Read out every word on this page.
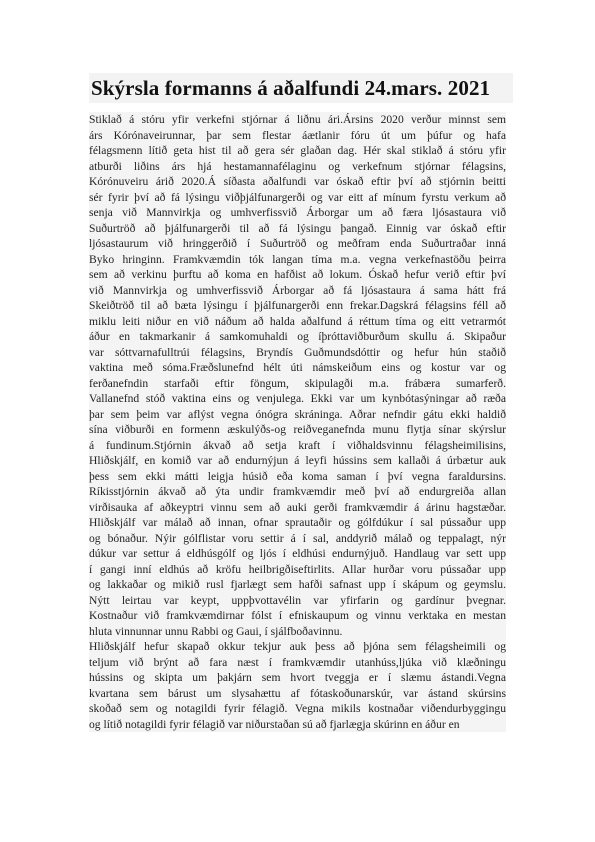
Skýrsla formanns á aðalfundi 24.mars. 2021

Stiklað á stóru yfir verkefni stjórnar á liðnu ári.Ársins 2020 verður minnst sem
árs Kórónaveirunnar, þar sem flestar áætlanir fóru út um þúfur og hafa
félagsmenn lítið geta hist til að gera sér glaðan dag. Hér skal stiklað á stóru yfir
atburði liðins árs hjá hestamannafélaginu og verkefnum stjórnar félagsins,
Kórónuveiru árið 2020.Á síðasta aðalfundi var óskað eftir því að stjórnin beitti
sér fyrir því að fá lýsingu viðþjálfunargerði og var eitt af mínum fyrstu verkum að
senja við Mannvirkja og umhverfissvið Árborgar um að færa ljósastaura við
Suðurtröð að þjálfunargerði til að fá lýsingu þangað. Einnig var óskað eftir
ljósastaurum við hringgerðið í Suðurtröð og meðfram enda Suðurtraðar inná
Byko hringinn. Framkvæmdin tók langan tíma m.a. vegna verkefnastöðu þeirra
sem að verkinu þurftu að koma en hafðist að lokum. Óskað hefur verið eftir því
við Mannvirkja og umhverfissvið Árborgar að fá ljósastaura á sama hátt frá
Skeiðtröð til að bæta lýsingu í þjálfunargerði enn frekar.Dagskrá félagsins féll að
miklu leiti niður en við náðum að halda aðalfund á réttum tíma og eitt vetrarmót
áður en takmarkanir á samkomuhaldi og íþróttaviðburðum skullu á. Skipaður
var sóttvarnafulltrúi félagsins, Bryndís Guðmundsdóttir og hefur hún staðið
vaktina með sóma.Fræðslunefnd hélt úti námskeiðum eins og kostur var og
ferðanefndin starfaði eftir föngum, skipulagði m.a. frábæra sumarferð.
Vallanefnd stóð vaktina eins og venjulega. Ekki var um kynbótasýningar að ræða
þar sem þeim var aflýst vegna ónógra skráninga. Aðrar nefndir gátu ekki haldið
sína viðburði en formenn æskulýðs-og reiðveganefnda munu flytja sínar skýrslur
á fundinum.Stjórnin ákvað að setja kraft í viðhaldsvinnu félagsheimilisins,
Hliðskjálf, en komið var að endurnýjun á leyfi hússins sem kallaði á úrbætur auk
þess sem ekki mátti leigja húsið eða koma saman í því vegna faraldursins.
Ríkisstjórnin ákvað að ýta undir framkvæmdir með því að endurgreiða allan
virðisauka af aðkeyptri vinnu sem að auki gerði framkvæmdir á árinu hagstæðar.
Hliðskjálf var málað að innan, ofnar sprautaðir og gólfdúkur í sal pússaður upp
og bónaður. Nýir gólflistar voru settir á í sal, anddyrið málað og teppalagt, nýr
dúkur var settur á eldhúsgólf og ljós í eldhúsi endurnýjuð. Handlaug var sett upp
í gangi inní eldhús að kröfu heilbrigðiseftirlits. Allar hurðar voru pússaðar upp
og lakkaðar og mikið rusl fjarlægt sem hafði safnast upp í skápum og geymslu.
Nýtt leirtau var keypt, uppþvottavélin var yfirfarin og gardínur þvegnar.
Kostnaður við framkvæmdirnar fólst í efniskaupum og vinnu verktaka en mestan
hluta vinnunnar unnu Rabbi og Gaui, í sjálfboðavinnu.

Hliðskjálf hefur skapað okkur tekjur auk þess að þjóna sem félagsheimili og
teljum við brýnt að fara næst í framkvæmdir utanhúss,ljúka við klæðningu
hússins og skipta um þakjárn sem hvort tveggja er í slæmu ástandi.Vegna
kvartana sem bárust um slysahættu af fótaskoðunarskúr, var ástand skúrsins
skoðað sem og notagildi fyrir félagið. Vegna mikils kostnaðar viðendurbyggingu
og lítið notagildi fyrir félagið var niðurstaðan sú að fjarlægja skúrinn en áður en
